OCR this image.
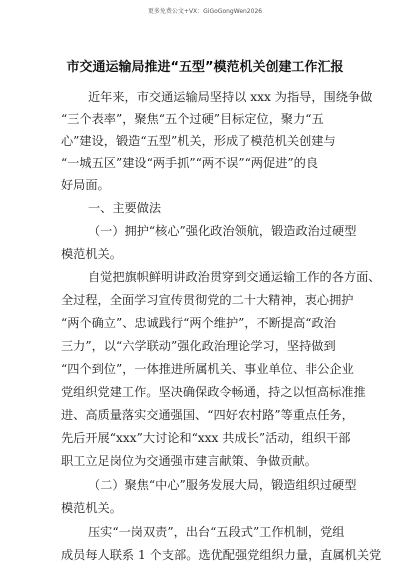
更多免费公文+VX：GiGoGongWen2026
市交通运输局推进“五型”模范机关创建工作汇报
近年来，市交通运输局坚持以 xxx 为指导，围绕争做
“三个表率”，聚焦“五个过硬”目标定位，聚力“五
心”建设，锻造“五型”机关，形成了模范机关创建与
“一城五区”建设“两手抓”“两不误”“两促进”的良
好局面。
一、主要做法
（一）拥护“核心”强化政治领航，锻造政治过硬型
模范机关。
自觉把旗帜鲜明讲政治贯穿到交通运输工作的各方面、
全过程，全面学习宣传贯彻党的二十大精神，衷心拥护
“两个确立”、忠诚践行“两个维护”，不断提高“政治
三力”，以“六学联动”强化政治理论学习，坚持做到
“四个到位”，一体推进所属机关、事业单位、非公企业
党组织党建工作。坚决确保政令畅通，持之以恒高标准推
进、高质量落实交通强国、“四好农村路”等重点任务，
先后开展“xxx”大讨论和“xxx 共成长”活动，组织干部
职工立足岗位为交通强市建言献策、争做贡献。
（二）聚焦“中心”服务发展大局，锻造组织过硬型
模范机关。
压实“一岗双责”，出台“五段式”工作机制，党组
成员每人联系 1 个支部。选优配强党组织力量，直属机关党
